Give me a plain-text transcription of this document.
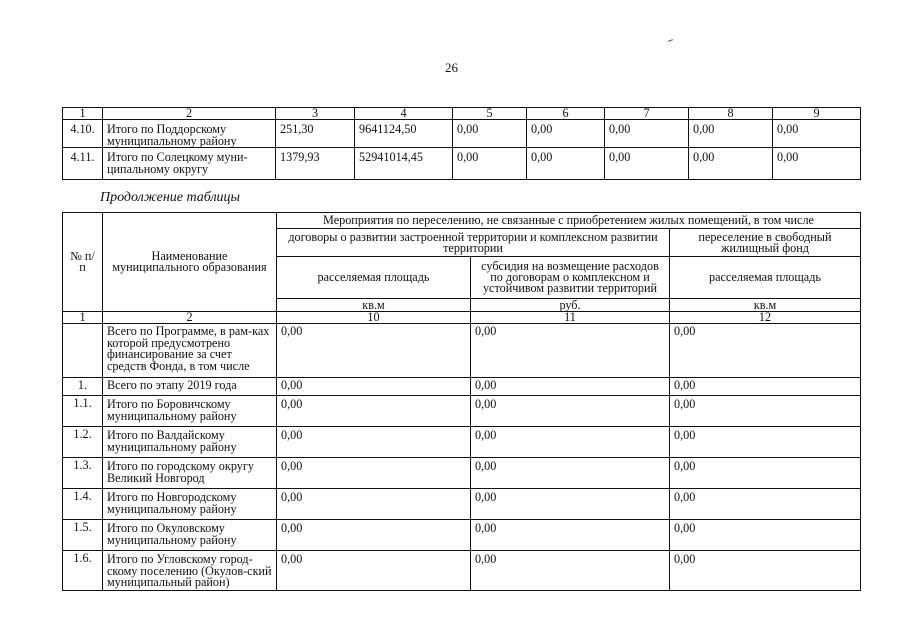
26
1	2	3	4	5	6	7	8	9
4.10.	Итого по Поддорскому муниципальному району	251,30	9641124,50	0,00	0,00	0,00	0,00	0,00
4.11.	Итого по Солецкому муни-ципальному округу	1379,93	52941014,45	0,00	0,00	0,00	0,00	0,00
Продолжение таблицы
№ п/п	Наименование муниципального образования	Мероприятия по переселению, не связанные с приобретением жилых помещений, в том числе		
		договоры о развитии застроенной территории и комплексном развитии территории		переселение в свободный жилищный фонд
		расселяемая площадь	субсидия на возмещение расходов по договорам о комплексном и устойчивом развитии территорий	расселяемая площадь
		кв.м	руб.	кв.м
1	2	10	11	12
	Всего по Программе, в рам-ках которой предусмотрено финансирование за счет средств Фонда, в том числе	0,00	0,00	0,00
1.	Всего по этапу 2019 года	0,00	0,00	0,00
1.1.	Итого по Боровичскому муниципальному району	0,00	0,00	0,00
1.2.	Итого по Валдайскому муниципальному району	0,00	0,00	0,00
1.3.	Итого по городскому округу Великий Новгород	0,00	0,00	0,00
1.4.	Итого по Новгородскому муниципальному району	0,00	0,00	0,00
1.5.	Итого по Окуловскому муниципальному району	0,00	0,00	0,00
1.6.	Итого по Угловскому город-скому поселению (Окулов-ский муниципальный район)	0,00	0,00	0,00
